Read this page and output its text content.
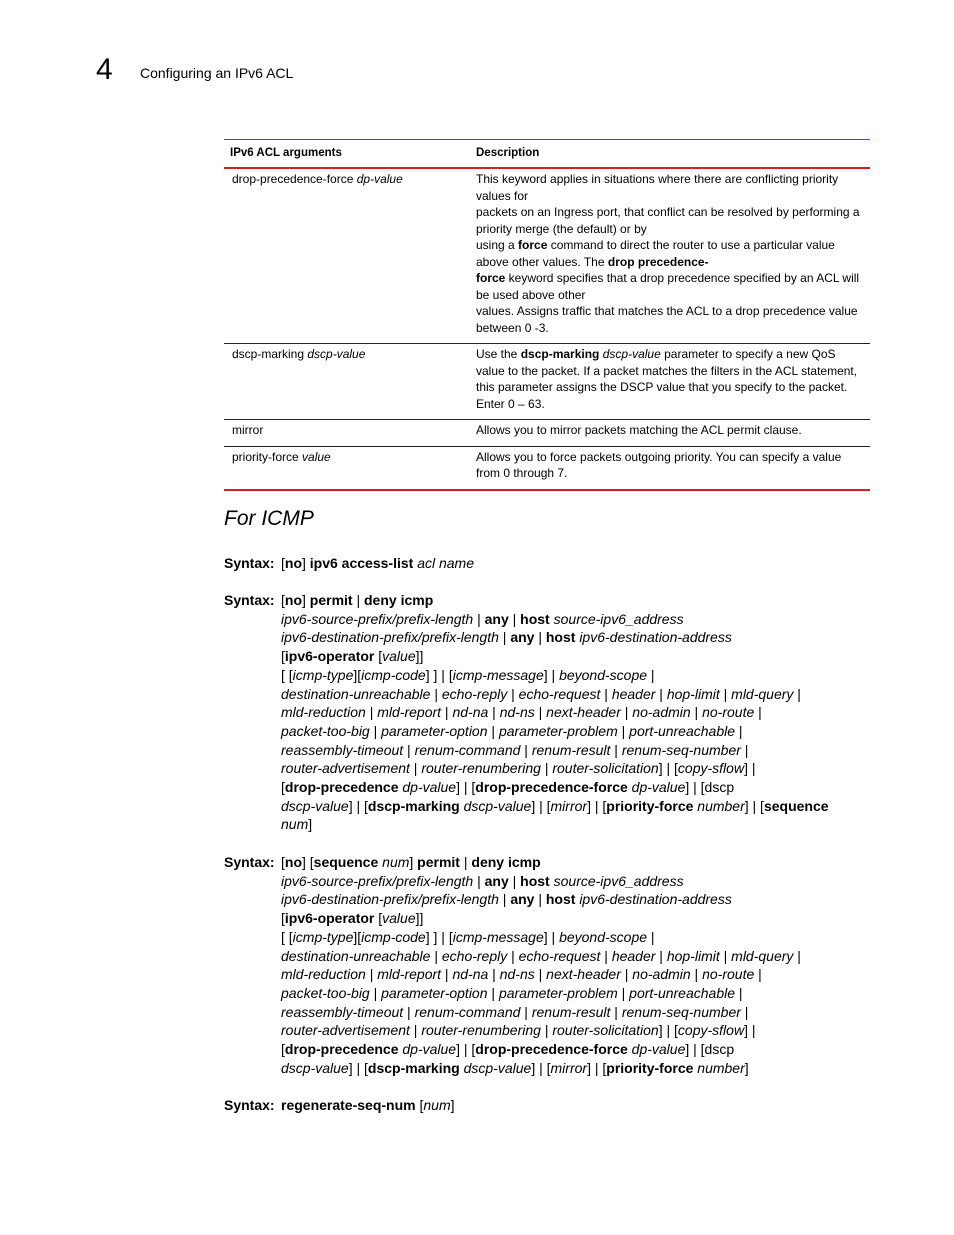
4 Configuring an IPv6 ACL
IPv6 ACL arguments	Description
drop-precedence-force dp-value	This keyword applies in situations where there are conflicting priority values for
packets on an Ingress port, that conflict can be resolved by performing a priority merge (the default) or by
using a force command to direct the router to use a particular value above other values. The drop precedence-
force keyword specifies that a drop precedence specified by an ACL will be used above other
values. Assigns traffic that matches the ACL to a drop precedence value between 0 -3.
dscp-marking dscp-value	Use the dscp-marking dscp-value parameter to specify a new QoS value to the packet. If a packet matches the filters in the ACL statement, this parameter assigns the DSCP value that you specify to the packet. Enter 0 – 63.
mirror	Allows you to mirror packets matching the ACL permit clause.
priority-force value	Allows you to force packets outgoing priority. You can specify a value from 0 through 7.
For ICMP
Syntax: [no] ipv6 access-list acl name
Syntax: [no] permit | deny icmp
ipv6-source-prefix/prefix-length | any | host source-ipv6_address
ipv6-destination-prefix/prefix-length | any | host ipv6-destination-address
[ipv6-operator [value]]
[ [icmp-type][icmp-code] ] | [icmp-message] | beyond-scope |
destination-unreachable | echo-reply | echo-request | header | hop-limit | mld-query |
mld-reduction | mld-report | nd-na | nd-ns | next-header | no-admin | no-route |
packet-too-big | parameter-option | parameter-problem | port-unreachable |
reassembly-timeout | renum-command | renum-result | renum-seq-number |
router-advertisement | router-renumbering | router-solicitation] | [copy-sflow] |
[drop-precedence dp-value] | [drop-precedence-force dp-value] | [dscp
dscp-value] | [dscp-marking dscp-value] | [mirror] | [priority-force number] | [sequence
num]
Syntax: [no] [sequence num] permit | deny icmp
ipv6-source-prefix/prefix-length | any | host source-ipv6_address
ipv6-destination-prefix/prefix-length | any | host ipv6-destination-address
[ipv6-operator [value]]
[ [icmp-type][icmp-code] ] | [icmp-message] | beyond-scope |
destination-unreachable | echo-reply | echo-request | header | hop-limit | mld-query |
mld-reduction | mld-report | nd-na | nd-ns | next-header | no-admin | no-route |
packet-too-big | parameter-option | parameter-problem | port-unreachable |
reassembly-timeout | renum-command | renum-result | renum-seq-number |
router-advertisement | router-renumbering | router-solicitation] | [copy-sflow] |
[drop-precedence dp-value] | [drop-precedence-force dp-value] | [dscp
dscp-value] | [dscp-marking dscp-value] | [mirror] | [priority-force number]
Syntax: regenerate-seq-num [num]
